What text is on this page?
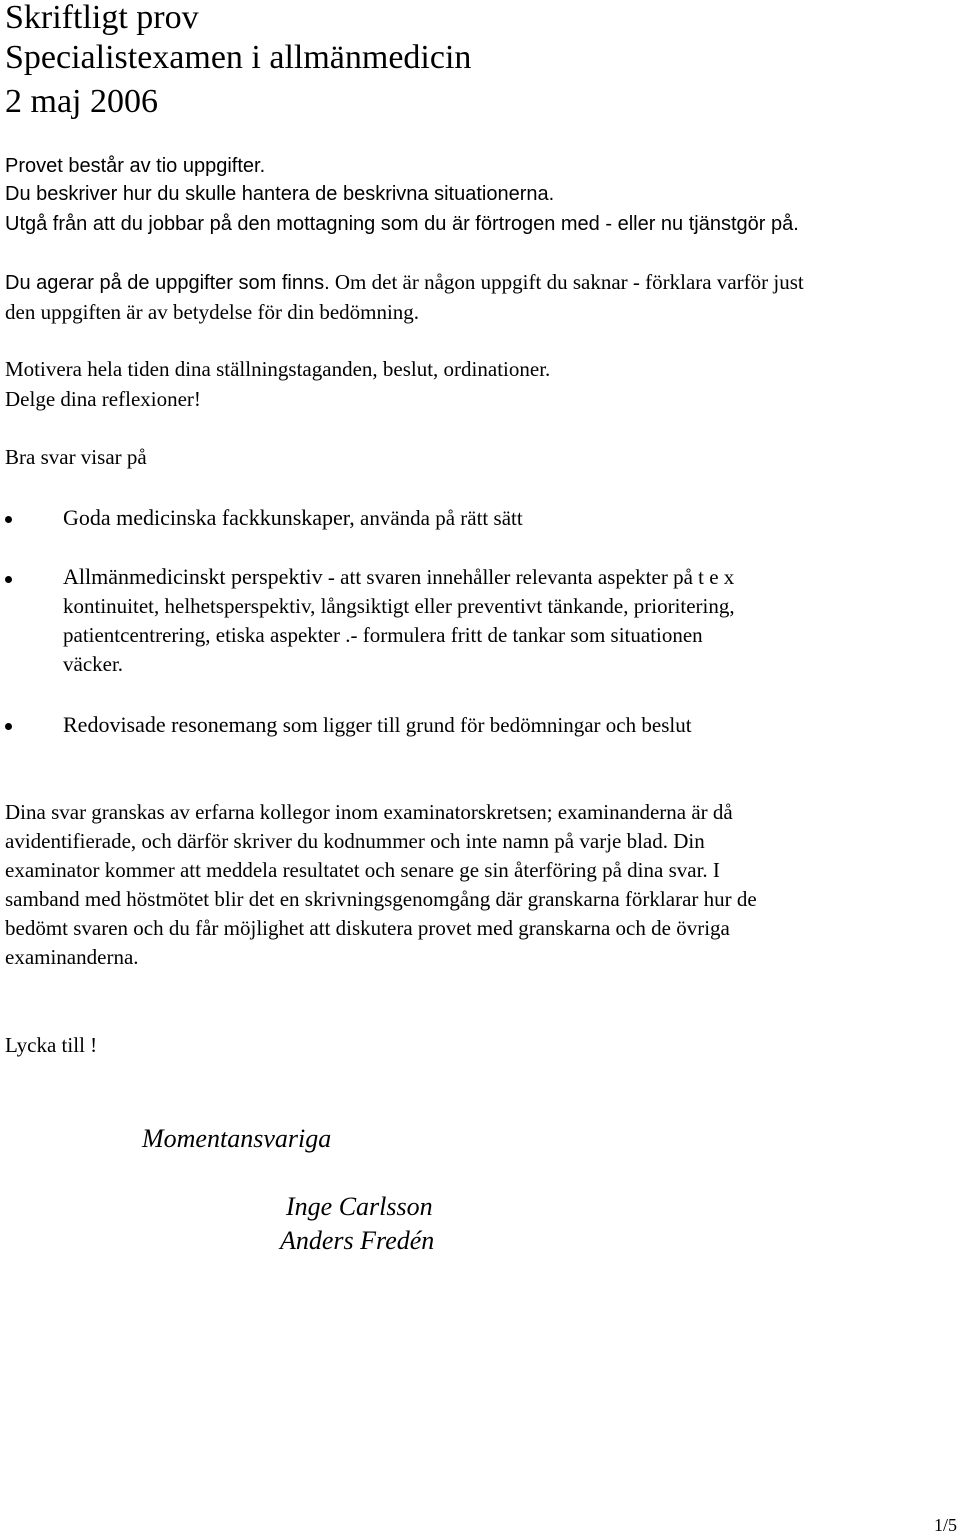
Skriftligt prov
Specialistexamen i allmänmedicin
2 maj 2006
Provet består av tio uppgifter.
Du beskriver hur du skulle hantera de beskrivna situationerna.
Utgå från att du jobbar på den mottagning som du är förtrogen med - eller nu tjänstgör på.
Du agerar på de uppgifter som finns. Om det är någon uppgift du saknar - förklara varför just
den uppgiften är av betydelse för din bedömning.
Motivera hela tiden dina ställningstaganden, beslut, ordinationer.
Delge dina reflexioner!
Bra svar visar på
Goda medicinska fackkunskaper, använda på rätt sätt
Allmänmedicinskt perspektiv - att svaren innehåller relevanta aspekter på t e x
kontinuitet, helhetsperspektiv, långsiktigt eller preventivt tänkande, prioritering,
patientcentrering, etiska aspekter .- formulera fritt de tankar som situationen
väcker.
Redovisade resonemang som ligger till grund för bedömningar och beslut
Dina svar granskas av erfarna kollegor inom examinatorskretsen; examinanderna är då
avidentifierade, och därför skriver du kodnummer och inte namn på varje blad. Din
examinator kommer att meddela resultatet och senare ge sin återföring på dina svar. I
samband med höstmötet blir det en skrivningsgenomgång där granskarna förklarar hur de
bedömt svaren och du får möjlighet att diskutera provet med granskarna och de övriga
examinanderna.
Lycka till !
Momentansvariga
Inge Carlsson
Anders Fredén
1/5
